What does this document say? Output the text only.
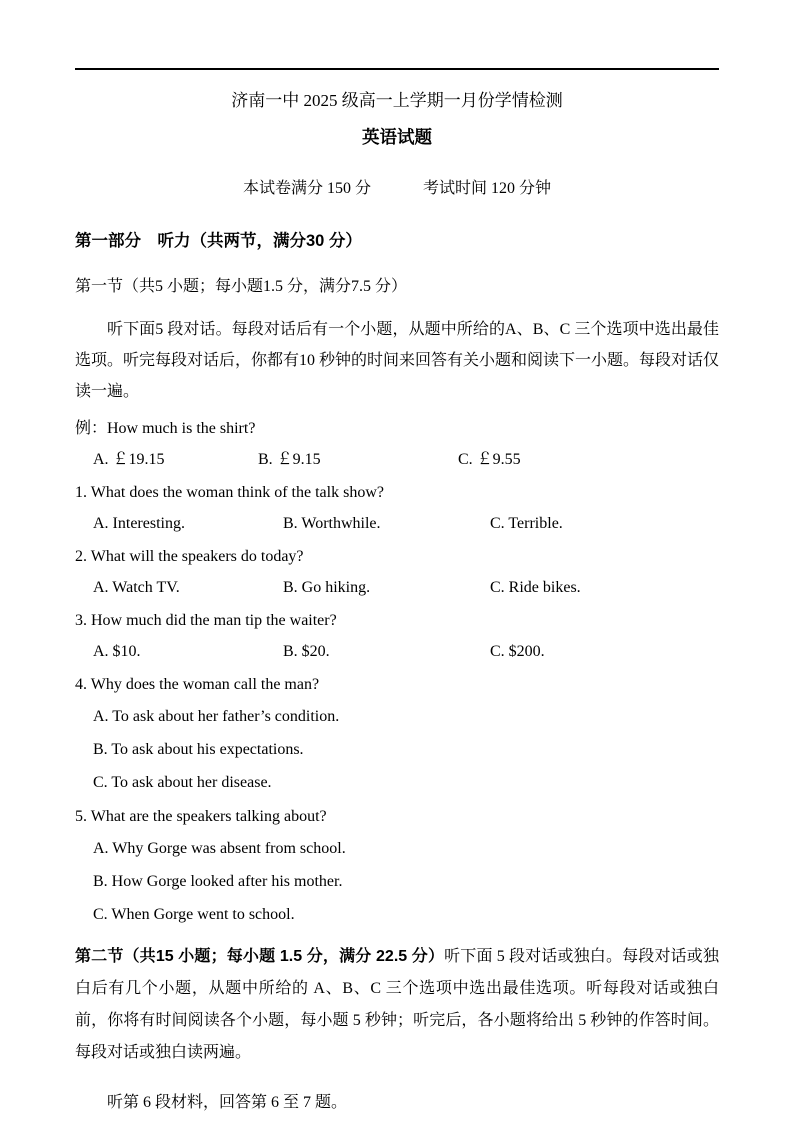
济南一中 2025 级高一上学期一月份学情检测
英语试题
本试卷满分 150 分	考试时间 120 分钟
第一部分　听力（共两节，满分30 分）
第一节（共5 小题；每小题1.5 分，满分7.5 分）

听下面5 段对话。每段对话后有一个小题，从题中所给的A、B、C 三个选项中选出最佳选项。听完每段对话后，你都有10 秒钟的时间来回答有关小题和阅读下一小题。每段对话仅读一遍。

例：How much is the shirt?
A. ￡19.15	B. ￡9.15	C. ￡9.55
1. What does the woman think of the talk show?
A. Interesting.	B. Worthwhile.	C. Terrible.
2. What will the speakers do today?
A. Watch TV.	B. Go hiking.	C. Ride bikes.
3. How much did the man tip the waiter?
A. $10.	B. $20.	C. $200.
4. Why does the woman call the man?
A. To ask about her father’s condition.
B. To ask about his expectations.
C. To ask about her disease.
5. What are the speakers talking about?
A. Why Gorge was absent from school.
B. How Gorge looked after his mother.
C. When Gorge went to school.

第二节（共15 小题；每小题 1.5 分，满分 22.5 分）听下面 5 段对话或独白。每段对话或独白后有几个小题，从题中所给的 A、B、C 三个选项中选出最佳选项。听每段对话或独白前，你将有时间阅读各个小题，每小题 5 秒钟；听完后，各小题将给出 5 秒钟的作答时间。每段对话或独白读两遍。

听第 6 段材料，回答第 6 至 7 题。
